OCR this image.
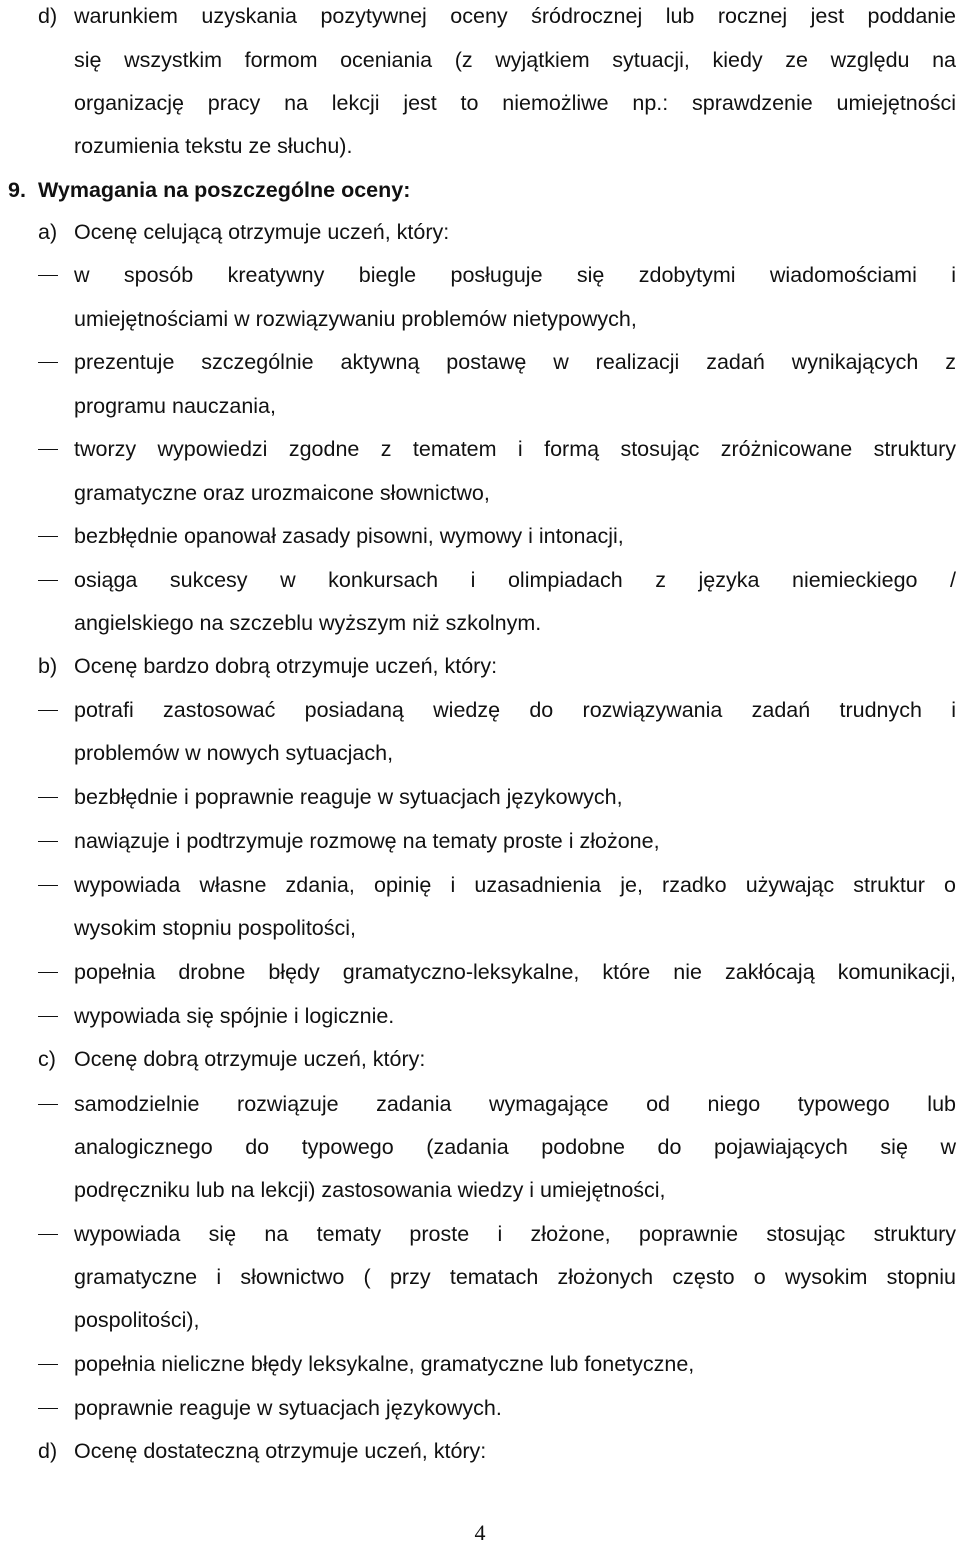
d) warunkiem uzyskania pozytywnej oceny śródrocznej lub rocznej jest poddanie
się wszystkim formom oceniania (z wyjątkiem sytuacji, kiedy ze względu na
organizację pracy na lekcji jest to niemożliwe np.: sprawdzenie umiejętności
rozumienia tekstu ze słuchu).
9. Wymagania na poszczególne oceny:
a) Ocenę celującą otrzymuje uczeń, który:
w sposób kreatywny biegle posługuje się zdobytymi wiadomościami i
umiejętnościami w rozwiązywaniu problemów nietypowych,
prezentuje szczególnie aktywną postawę w realizacji zadań wynikających z
programu nauczania,
tworzy wypowiedzi zgodne z tematem i formą stosując zróżnicowane struktury
gramatyczne oraz urozmaicone słownictwo,
bezbłędnie opanował zasady pisowni, wymowy i intonacji,
osiąga sukcesy w konkursach i olimpiadach z języka niemieckiego /
angielskiego na szczeblu wyższym niż szkolnym.
b) Ocenę bardzo dobrą otrzymuje uczeń, który:
potrafi zastosować posiadaną wiedzę do rozwiązywania zadań trudnych i
problemów w nowych sytuacjach,
bezbłędnie i poprawnie reaguje w sytuacjach językowych,
nawiązuje i podtrzymuje rozmowę na tematy proste i złożone,
wypowiada własne zdania, opinię i uzasadnienia je, rzadko używając struktur o
wysokim stopniu pospolitości,
popełnia drobne błędy gramatyczno-leksykalne, które nie zakłócają komunikacji,
wypowiada się spójnie i logicznie.
c) Ocenę dobrą otrzymuje uczeń, który:
samodzielnie rozwiązuje zadania wymagające od niego typowego lub
analogicznego do typowego (zadania podobne do pojawiających się w
podręczniku lub na lekcji) zastosowania wiedzy i umiejętności,
wypowiada się na tematy proste i złożone, poprawnie stosując struktury
gramatyczne i słownictwo ( przy tematach złożonych często o wysokim stopniu
pospolitości),
popełnia nieliczne błędy leksykalne, gramatyczne lub fonetyczne,
poprawnie reaguje w sytuacjach językowych.
d) Ocenę dostateczną otrzymuje uczeń, który:
4
